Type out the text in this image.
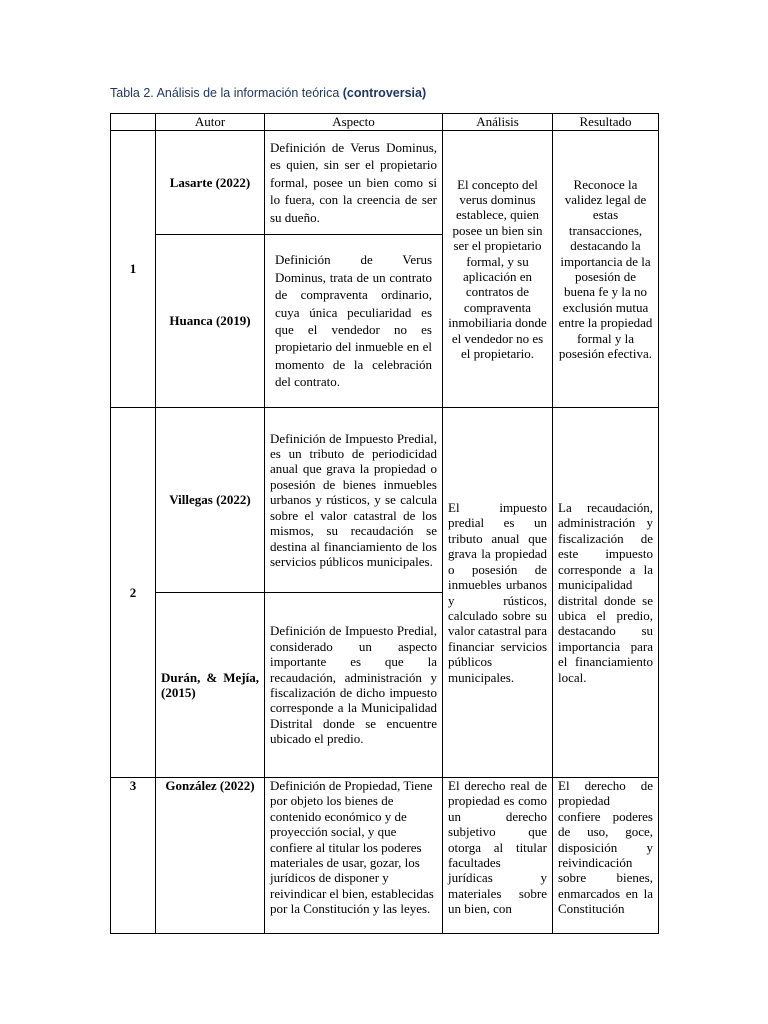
Tabla 2. Análisis de la información teórica (controversia)
	Autor	Aspecto	Análisis	Resultado
1	Lasarte (2022)	Definición de Verus Dominus, es quien, sin ser el propietario formal, posee un bien como si lo fuera, con la creencia de ser su dueño.	El concepto del verus dominus establece, quien posee un bien sin ser el propietario formal, y su aplicación en contratos de compraventa inmobiliaria donde el vendedor no es el propietario.	Reconoce la validez legal de estas transacciones, destacando la importancia de la posesión de buena fe y la no exclusión mutua entre la propiedad formal y la posesión efectiva.
	Huanca (2019)	Definición de Verus Dominus, trata de un contrato de compraventa ordinario, cuya única peculiaridad es que el vendedor no es propietario del inmueble en el momento de la celebración del contrato.		
2	Villegas (2022)	Definición de Impuesto Predial, es un tributo de periodicidad anual que grava la propiedad o posesión de bienes inmuebles urbanos y rústicos, y se calcula sobre el valor catastral de los mismos, su recaudación se destina al financiamiento de los servicios públicos municipales.	El impuesto predial es un tributo anual que grava la propiedad o posesión de inmuebles urbanos y rústicos, calculado sobre su valor catastral para financiar servicios públicos municipales.	La recaudación, administración y fiscalización de este impuesto corresponde a la municipalidad distrital donde se ubica el predio, destacando su importancia para el financiamiento local.
	Durán, & Mejía, (2015)	Definición de Impuesto Predial, considerado un aspecto importante es que la recaudación, administración y fiscalización de dicho impuesto corresponde a la Municipalidad Distrital donde se encuentre ubicado el predio.		
3	González (2022)	Definición de Propiedad, Tiene por objeto los bienes de contenido económico y de proyección social, y que confiere al titular los poderes materiales de usar, gozar, los jurídicos de disponer y reivindicar el bien, establecidas por la Constitución y las leyes.	El derecho real de propiedad es como un derecho subjetivo que otorga al titular facultades jurídicas y materiales sobre un bien, con	El derecho de propiedad confiere poderes de uso, goce, disposición y reivindicación sobre bienes, enmarcados en la Constitución
